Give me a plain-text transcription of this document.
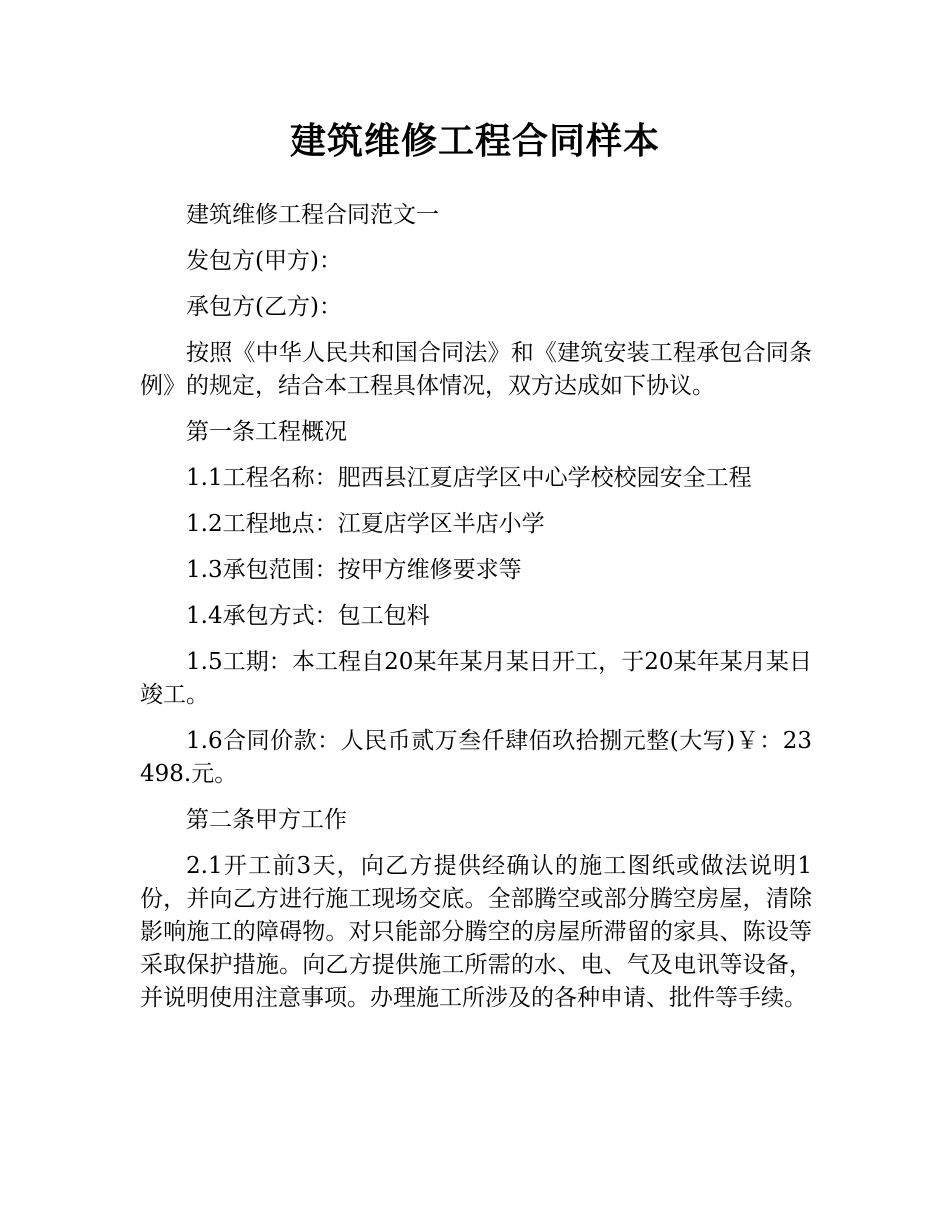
建筑维修工程合同样本

建筑维修工程合同范文一

发包方(甲方)：

承包方(乙方)：

按照《中华人民共和国合同法》和《建筑安装工程承包合同条例》的规定，结合本工程具体情况，双方达成如下协议。

第一条工程概况

1.1工程名称：肥西县江夏店学区中心学校校园安全工程

1.2工程地点：江夏店学区半店小学

1.3承包范围：按甲方维修要求等

1.4承包方式：包工包料

1.5工期：本工程自20某年某月某日开工，于20某年某月某日竣工。

1.6合同价款：人民币贰万叁仟肆佰玖拾捌元整(大写)￥：23498.元。

第二条甲方工作

2.1开工前3天，向乙方提供经确认的施工图纸或做法说明1份，并向乙方进行施工现场交底。全部腾空或部分腾空房屋，清除影响施工的障碍物。对只能部分腾空的房屋所滞留的家具、陈设等采取保护措施。向乙方提供施工所需的水、电、气及电讯等设备，并说明使用注意事项。办理施工所涉及的各种申请、批件等手续。
